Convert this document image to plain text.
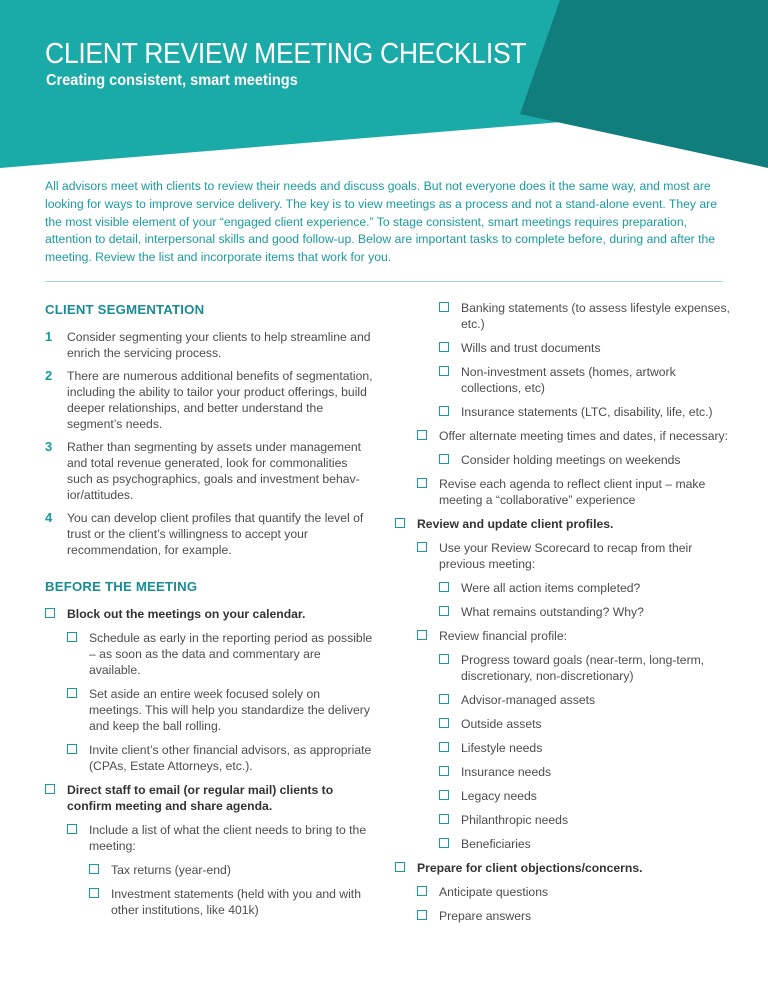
CLIENT REVIEW MEETING CHECKLIST
Creating consistent, smart meetings

All advisors meet with clients to review their needs and discuss goals. But not everyone does it the same way, and most are looking for ways to improve service delivery. The key is to view meetings as a process and not a stand-alone event. They are the most visible element of your “engaged client experience.” To stage consistent, smart meetings requires preparation, attention to detail, interpersonal skills and good follow-up. Below are important tasks to complete before, during and after the meeting. Review the list and incorporate items that work for you.

CLIENT SEGMENTATION
1 Consider segmenting your clients to help streamline and enrich the servicing process.
2 There are numerous additional benefits of segmentation, including the ability to tailor your product offerings, build deeper relationships, and better understand the segment’s needs.
3 Rather than segmenting by assets under management and total revenue generated, look for commonalities such as psychographics, goals and investment behav-ior/attitudes.
4 You can develop client profiles that quantify the level of trust or the client’s willingness to accept your recommendation, for example.
BEFORE THE MEETING
Block out the meetings on your calendar.
Schedule as early in the reporting period as possible – as soon as the data and commentary are available.
Set aside an entire week focused solely on meetings. This will help you standardize the delivery and keep the ball rolling.
Invite client’s other financial advisors, as appropriate (CPAs, Estate Attorneys, etc.).
Direct staff to email (or regular mail) clients to confirm meeting and share agenda.
Include a list of what the client needs to bring to the meeting:
Tax returns (year-end)
Investment statements (held with you and with other institutions, like 401k)
Banking statements (to assess lifestyle expenses, etc.)
Wills and trust documents
Non-investment assets (homes, artwork collections, etc)
Insurance statements (LTC, disability, life, etc.)
Offer alternate meeting times and dates, if necessary:
Consider holding meetings on weekends
Revise each agenda to reflect client input – make meeting a “collaborative” experience
Review and update client profiles.
Use your Review Scorecard to recap from their previous meeting:
Were all action items completed?
What remains outstanding? Why?
Review financial profile:
Progress toward goals (near-term, long-term, discretionary, non-discretionary)
Advisor-managed assets
Outside assets
Lifestyle needs
Insurance needs
Legacy needs
Philanthropic needs
Beneficiaries
Prepare for client objections/concerns.
Anticipate questions
Prepare answers
